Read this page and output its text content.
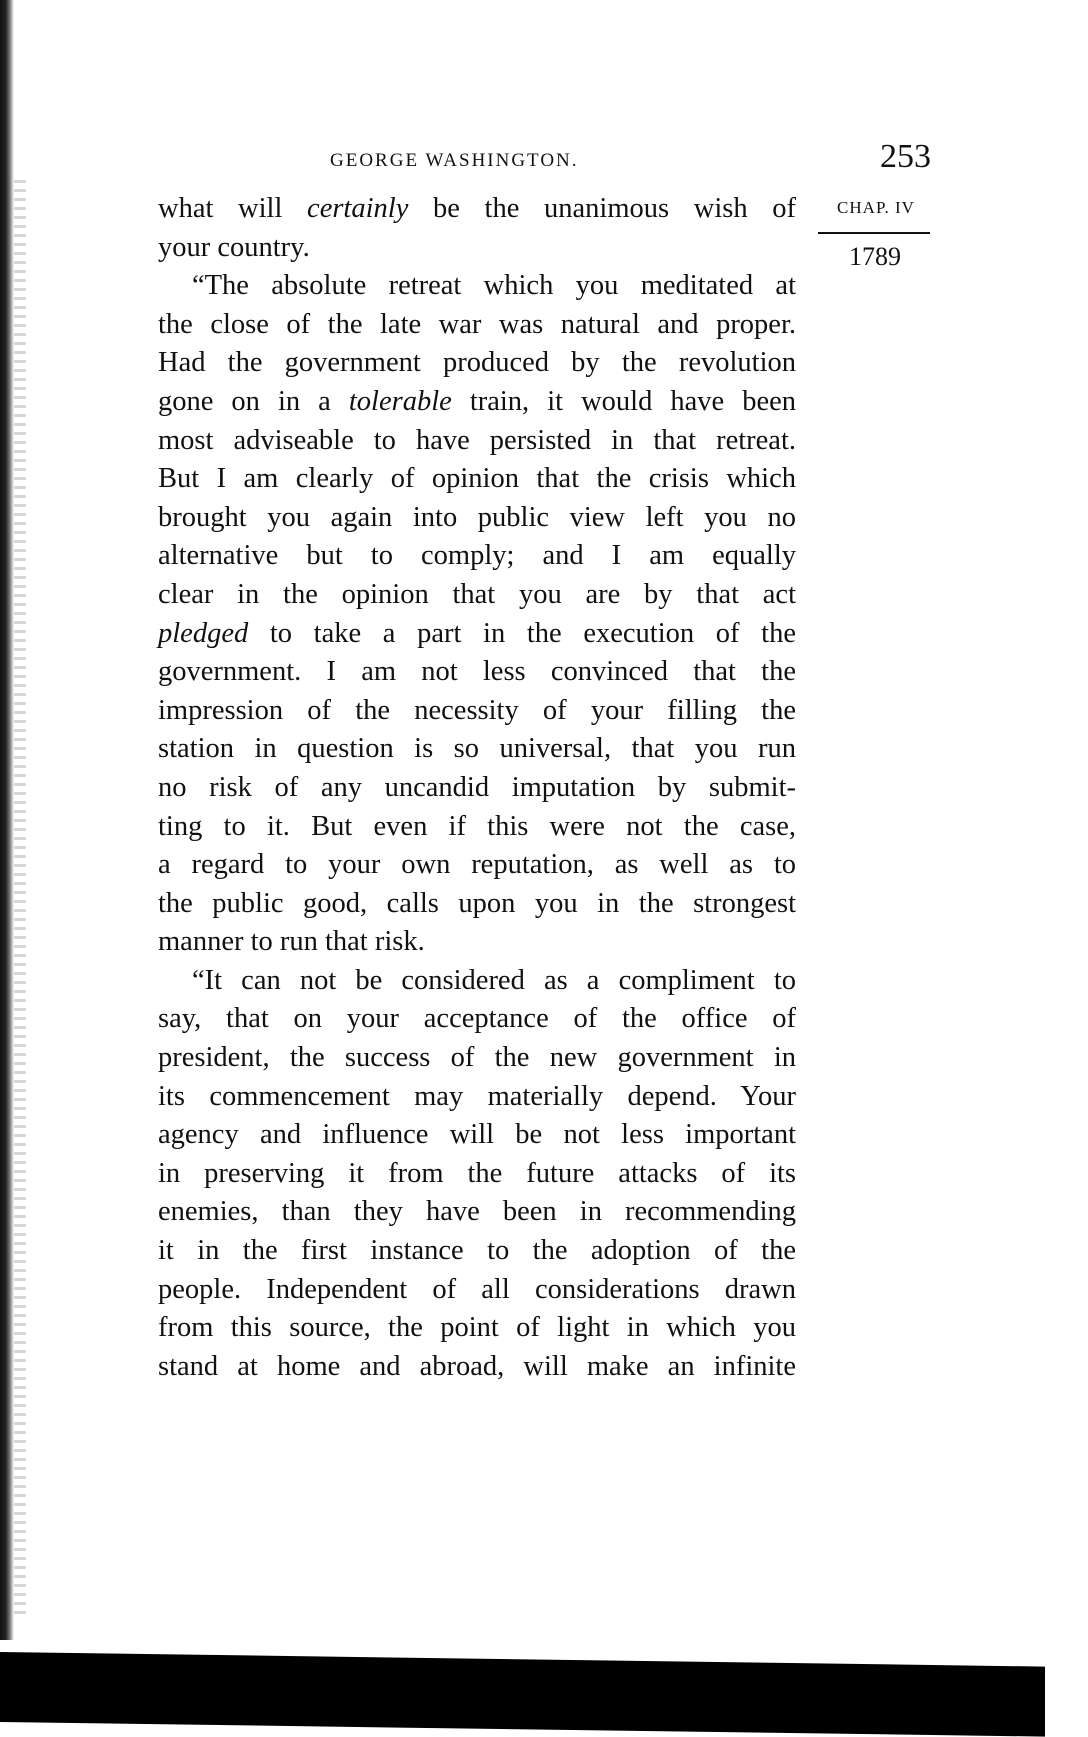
GEORGE WASHINGTON.	253
CHAP. IV
1789
what will certainly be the unanimous wish of
your country.
“The absolute retreat which you meditated at
the close of the late war was natural and proper.
Had the government produced by the revolution
gone on in a tolerable train, it would have been
most adviseable to have persisted in that retreat.
But I am clearly of opinion that the crisis which
brought you again into public view left you no
alternative but to comply; and I am equally
clear in the opinion that you are by that act
pledged to take a part in the execution of the
government. I am not less convinced that the
impression of the necessity of your filling the
station in question is so universal, that you run
no risk of any uncandid imputation by submit-
ting to it. But even if this were not the case,
a regard to your own reputation, as well as to
the public good, calls upon you in the strongest
manner to run that risk.
“It can not be considered as a compliment to
say, that on your acceptance of the office of
president, the success of the new government in
its commencement may materially depend. Your
agency and influence will be not less important
in preserving it from the future attacks of its
enemies, than they have been in recommending
it in the first instance to the adoption of the
people. Independent of all considerations drawn
from this source, the point of light in which you
stand at home and abroad, will make an infinite
